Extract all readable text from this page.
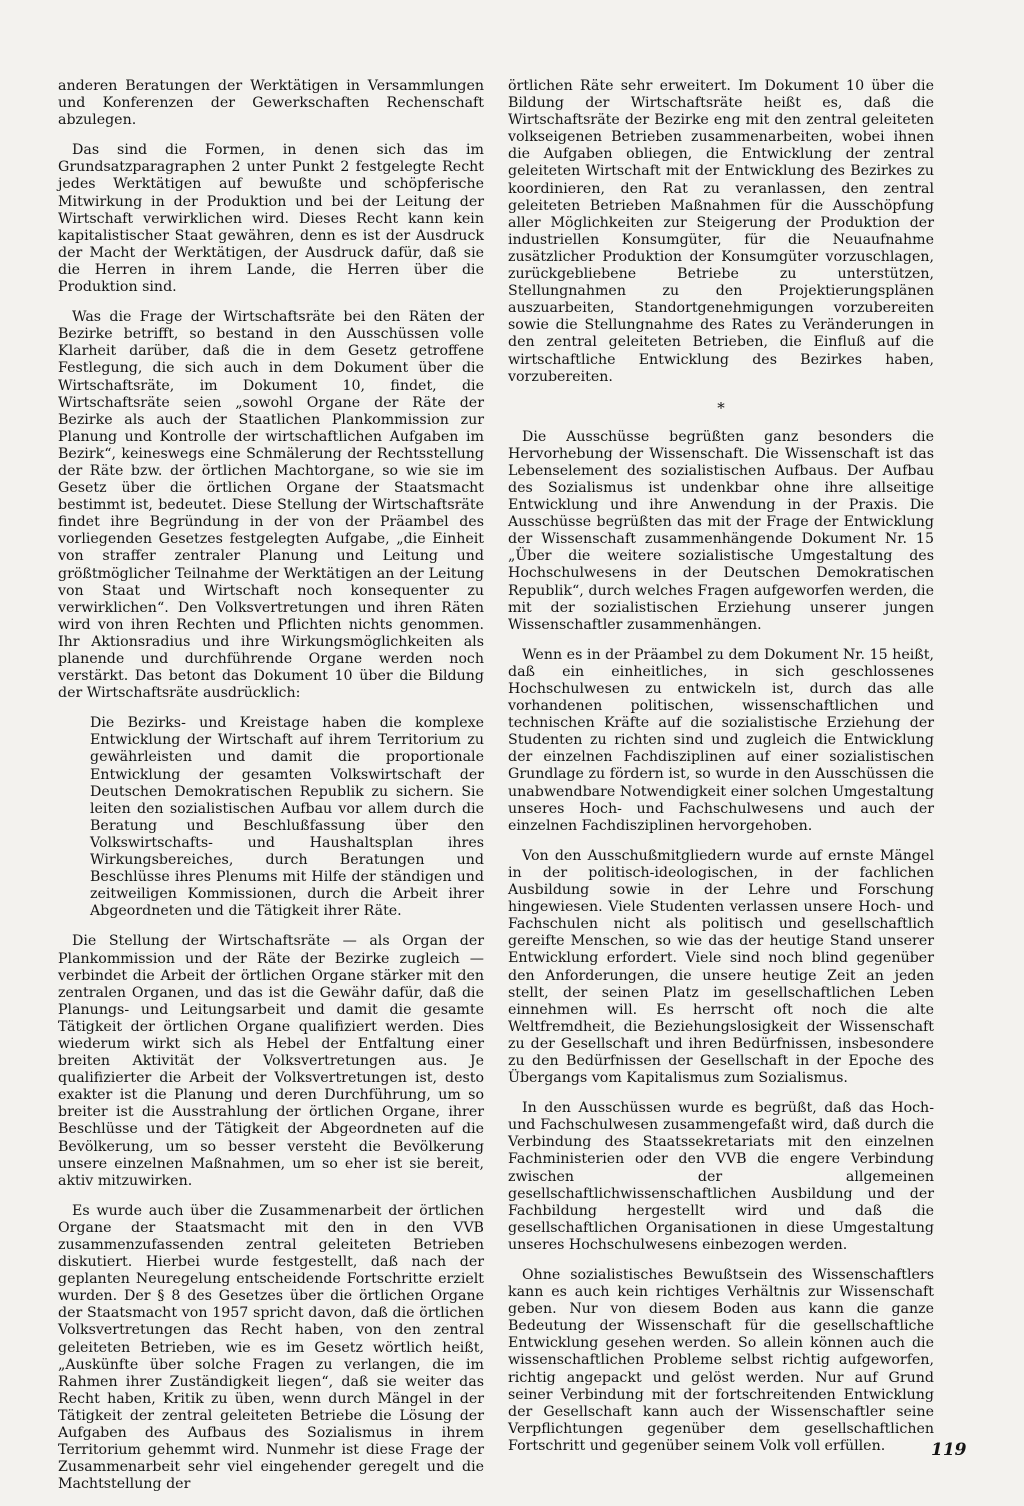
anderen Beratungen der Werktätigen in Versammlungen und Konferenzen der Gewerkschaften Rechenschaft abzulegen.

Das sind die Formen, in denen sich das im Grundsatzparagraphen 2 unter Punkt 2 festgelegte Recht jedes Werktätigen auf bewußte und schöpferische Mitwirkung in der Produktion und bei der Leitung der Wirtschaft verwirklichen wird. Dieses Recht kann kein kapitalistischer Staat gewähren, denn es ist der Ausdruck der Macht der Werktätigen, der Ausdruck dafür, daß sie die Herren in ihrem Lande, die Herren über die Produktion sind.

Was die Frage der Wirtschaftsräte bei den Räten der Bezirke betrifft, so bestand in den Ausschüssen volle Klarheit darüber, daß die in dem Gesetz getroffene Festlegung, die sich auch in dem Dokument über die Wirtschaftsräte, im Dokument 10, findet, die Wirtschaftsräte seien „sowohl Organe der Räte der Bezirke als auch der Staatlichen Plankommission zur Planung und Kontrolle der wirtschaftlichen Aufgaben im Bezirk“, keineswegs eine Schmälerung der Rechtsstellung der Räte bzw. der örtlichen Machtorgane, so wie sie im Gesetz über die örtlichen Organe der Staatsmacht bestimmt ist, bedeutet. Diese Stellung der Wirtschaftsräte findet ihre Begründung in der von der Präambel des vorliegenden Gesetzes festgelegten Aufgabe, „die Einheit von straffer zentraler Planung und Leitung und größtmöglicher Teilnahme der Werktätigen an der Leitung von Staat und Wirtschaft noch konsequenter zu verwirklichen“. Den Volksvertretungen und ihren Räten wird von ihren Rechten und Pflichten nichts genommen. Ihr Aktionsradius und ihre Wirkungsmöglichkeiten als planende und durchführende Organe werden noch verstärkt. Das betont das Dokument 10 über die Bildung der Wirtschaftsräte ausdrücklich:

Die Bezirks- und Kreistage haben die komplexe Entwicklung der Wirtschaft auf ihrem Territorium zu gewährleisten und damit die proportionale Entwicklung der gesamten Volkswirtschaft der Deutschen Demokratischen Republik zu sichern. Sie leiten den sozialistischen Aufbau vor allem durch die Beratung und Beschlußfassung über den Volkswirtschafts- und Haushaltsplan ihres Wirkungsbereiches, durch Beratungen und Beschlüsse ihres Plenums mit Hilfe der ständigen und zeitweiligen Kommissionen, durch die Arbeit ihrer Abgeordneten und die Tätigkeit ihrer Räte.

Die Stellung der Wirtschaftsräte — als Organ der Plankommission und der Räte der Bezirke zugleich — verbindet die Arbeit der örtlichen Organe stärker mit den zentralen Organen, und das ist die Gewähr dafür, daß die Planungs- und Leitungsarbeit und damit die gesamte Tätigkeit der örtlichen Organe qualifiziert werden. Dies wiederum wirkt sich als Hebel der Entfaltung einer breiten Aktivität der Volksvertretungen aus. Je qualifizierter die Arbeit der Volksvertretungen ist, desto exakter ist die Planung und deren Durchführung, um so breiter ist die Ausstrahlung der örtlichen Organe, ihrer Beschlüsse und der Tätigkeit der Abgeordneten auf die Bevölkerung, um so besser versteht die Bevölkerung unsere einzelnen Maßnahmen, um so eher ist sie bereit, aktiv mitzuwirken.

Es wurde auch über die Zusammenarbeit der örtlichen Organe der Staatsmacht mit den in den VVB zusammenzufassenden zentral geleiteten Betrieben diskutiert. Hierbei wurde festgestellt, daß nach der geplanten Neuregelung entscheidende Fortschritte erzielt wurden. Der § 8 des Gesetzes über die örtlichen Organe der Staatsmacht von 1957 spricht davon, daß die örtlichen Volksvertretungen das Recht haben, von den zentral geleiteten Betrieben, wie es im Gesetz wörtlich heißt, „Auskünfte über solche Fragen zu verlangen, die im Rahmen ihrer Zuständigkeit liegen“, daß sie weiter das Recht haben, Kritik zu üben, wenn durch Mängel in der Tätigkeit der zentral geleiteten Betriebe die Lösung der Aufgaben des Aufbaus des Sozialismus in ihrem Territorium gehemmt wird. Nunmehr ist diese Frage der Zusammenarbeit sehr viel eingehender geregelt und die Machtstellung der

örtlichen Räte sehr erweitert. Im Dokument 10 über die Bildung der Wirtschaftsräte heißt es, daß die Wirtschaftsräte der Bezirke eng mit den zentral geleiteten volkseigenen Betrieben zusammenarbeiten, wobei ihnen die Aufgaben obliegen, die Entwicklung der zentral geleiteten Wirtschaft mit der Entwicklung des Bezirkes zu koordinieren, den Rat zu veranlassen, den zentral geleiteten Betrieben Maßnahmen für die Ausschöpfung aller Möglichkeiten zur Steigerung der Produktion der industriellen Konsumgüter, für die Neuaufnahme zusätzlicher Produktion der Konsumgüter vorzuschlagen, zurückgebliebene Betriebe zu unterstützen, Stellungnahmen zu den Projektierungsplänen auszuarbeiten, Standortgenehmigungen vorzubereiten sowie die Stellungnahme des Rates zu Veränderungen in den zentral geleiteten Betrieben, die Einfluß auf die wirtschaftliche Entwicklung des Bezirkes haben, vorzubereiten.

*

Die Ausschüsse begrüßten ganz besonders die Hervorhebung der Wissenschaft. Die Wissenschaft ist das Lebenselement des sozialistischen Aufbaus. Der Aufbau des Sozialismus ist undenkbar ohne ihre allseitige Entwicklung und ihre Anwendung in der Praxis. Die Ausschüsse begrüßten das mit der Frage der Entwicklung der Wissenschaft zusammenhängende Dokument Nr. 15 „Über die weitere sozialistische Umgestaltung des Hochschulwesens in der Deutschen Demokratischen Republik“, durch welches Fragen aufgeworfen werden, die mit der sozialistischen Erziehung unserer jungen Wissenschaftler zusammenhängen.

Wenn es in der Präambel zu dem Dokument Nr. 15 heißt, daß ein einheitliches, in sich geschlossenes Hochschulwesen zu entwickeln ist, durch das alle vorhandenen politischen, wissenschaftlichen und technischen Kräfte auf die sozialistische Erziehung der Studenten zu richten sind und zugleich die Entwicklung der einzelnen Fachdisziplinen auf einer sozialistischen Grundlage zu fördern ist, so wurde in den Ausschüssen die unabwendbare Notwendigkeit einer solchen Umgestaltung unseres Hoch- und Fachschulwesens und auch der einzelnen Fachdisziplinen hervorgehoben.

Von den Ausschußmitgliedern wurde auf ernste Mängel in der politisch-ideologischen, in der fachlichen Ausbildung sowie in der Lehre und Forschung hingewiesen. Viele Studenten verlassen unsere Hoch- und Fachschulen nicht als politisch und gesellschaftlich gereifte Menschen, so wie das der heutige Stand unserer Entwicklung erfordert. Viele sind noch blind gegenüber den Anforderungen, die unsere heutige Zeit an jeden stellt, der seinen Platz im gesellschaftlichen Leben einnehmen will. Es herrscht oft noch die alte Weltfremdheit, die Beziehungslosigkeit der Wissenschaft zu der Gesellschaft und ihren Bedürfnissen, insbesondere zu den Bedürfnissen der Gesellschaft in der Epoche des Übergangs vom Kapitalismus zum Sozialismus.

In den Ausschüssen wurde es begrüßt, daß das Hoch- und Fachschulwesen zusammengefaßt wird, daß durch die Verbindung des Staatssekretariats mit den einzelnen Fachministerien oder den VVB die engere Verbindung zwischen der allgemeinen gesellschaftlichwissenschaftlichen Ausbildung und der Fachbildung hergestellt wird und daß die gesellschaftlichen Organisationen in diese Umgestaltung unseres Hochschulwesens einbezogen werden.

Ohne sozialistisches Bewußtsein des Wissenschaftlers kann es auch kein richtiges Verhältnis zur Wissenschaft geben. Nur von diesem Boden aus kann die ganze Bedeutung der Wissenschaft für die gesellschaftliche Entwicklung gesehen werden. So allein können auch die wissenschaftlichen Probleme selbst richtig aufgeworfen, richtig angepackt und gelöst werden. Nur auf Grund seiner Verbindung mit der fortschreitenden Entwicklung der Gesellschaft kann auch der Wissenschaftler seine Verpflichtungen gegenüber dem gesellschaftlichen Fortschritt und gegenüber seinem Volk voll erfüllen.	119
